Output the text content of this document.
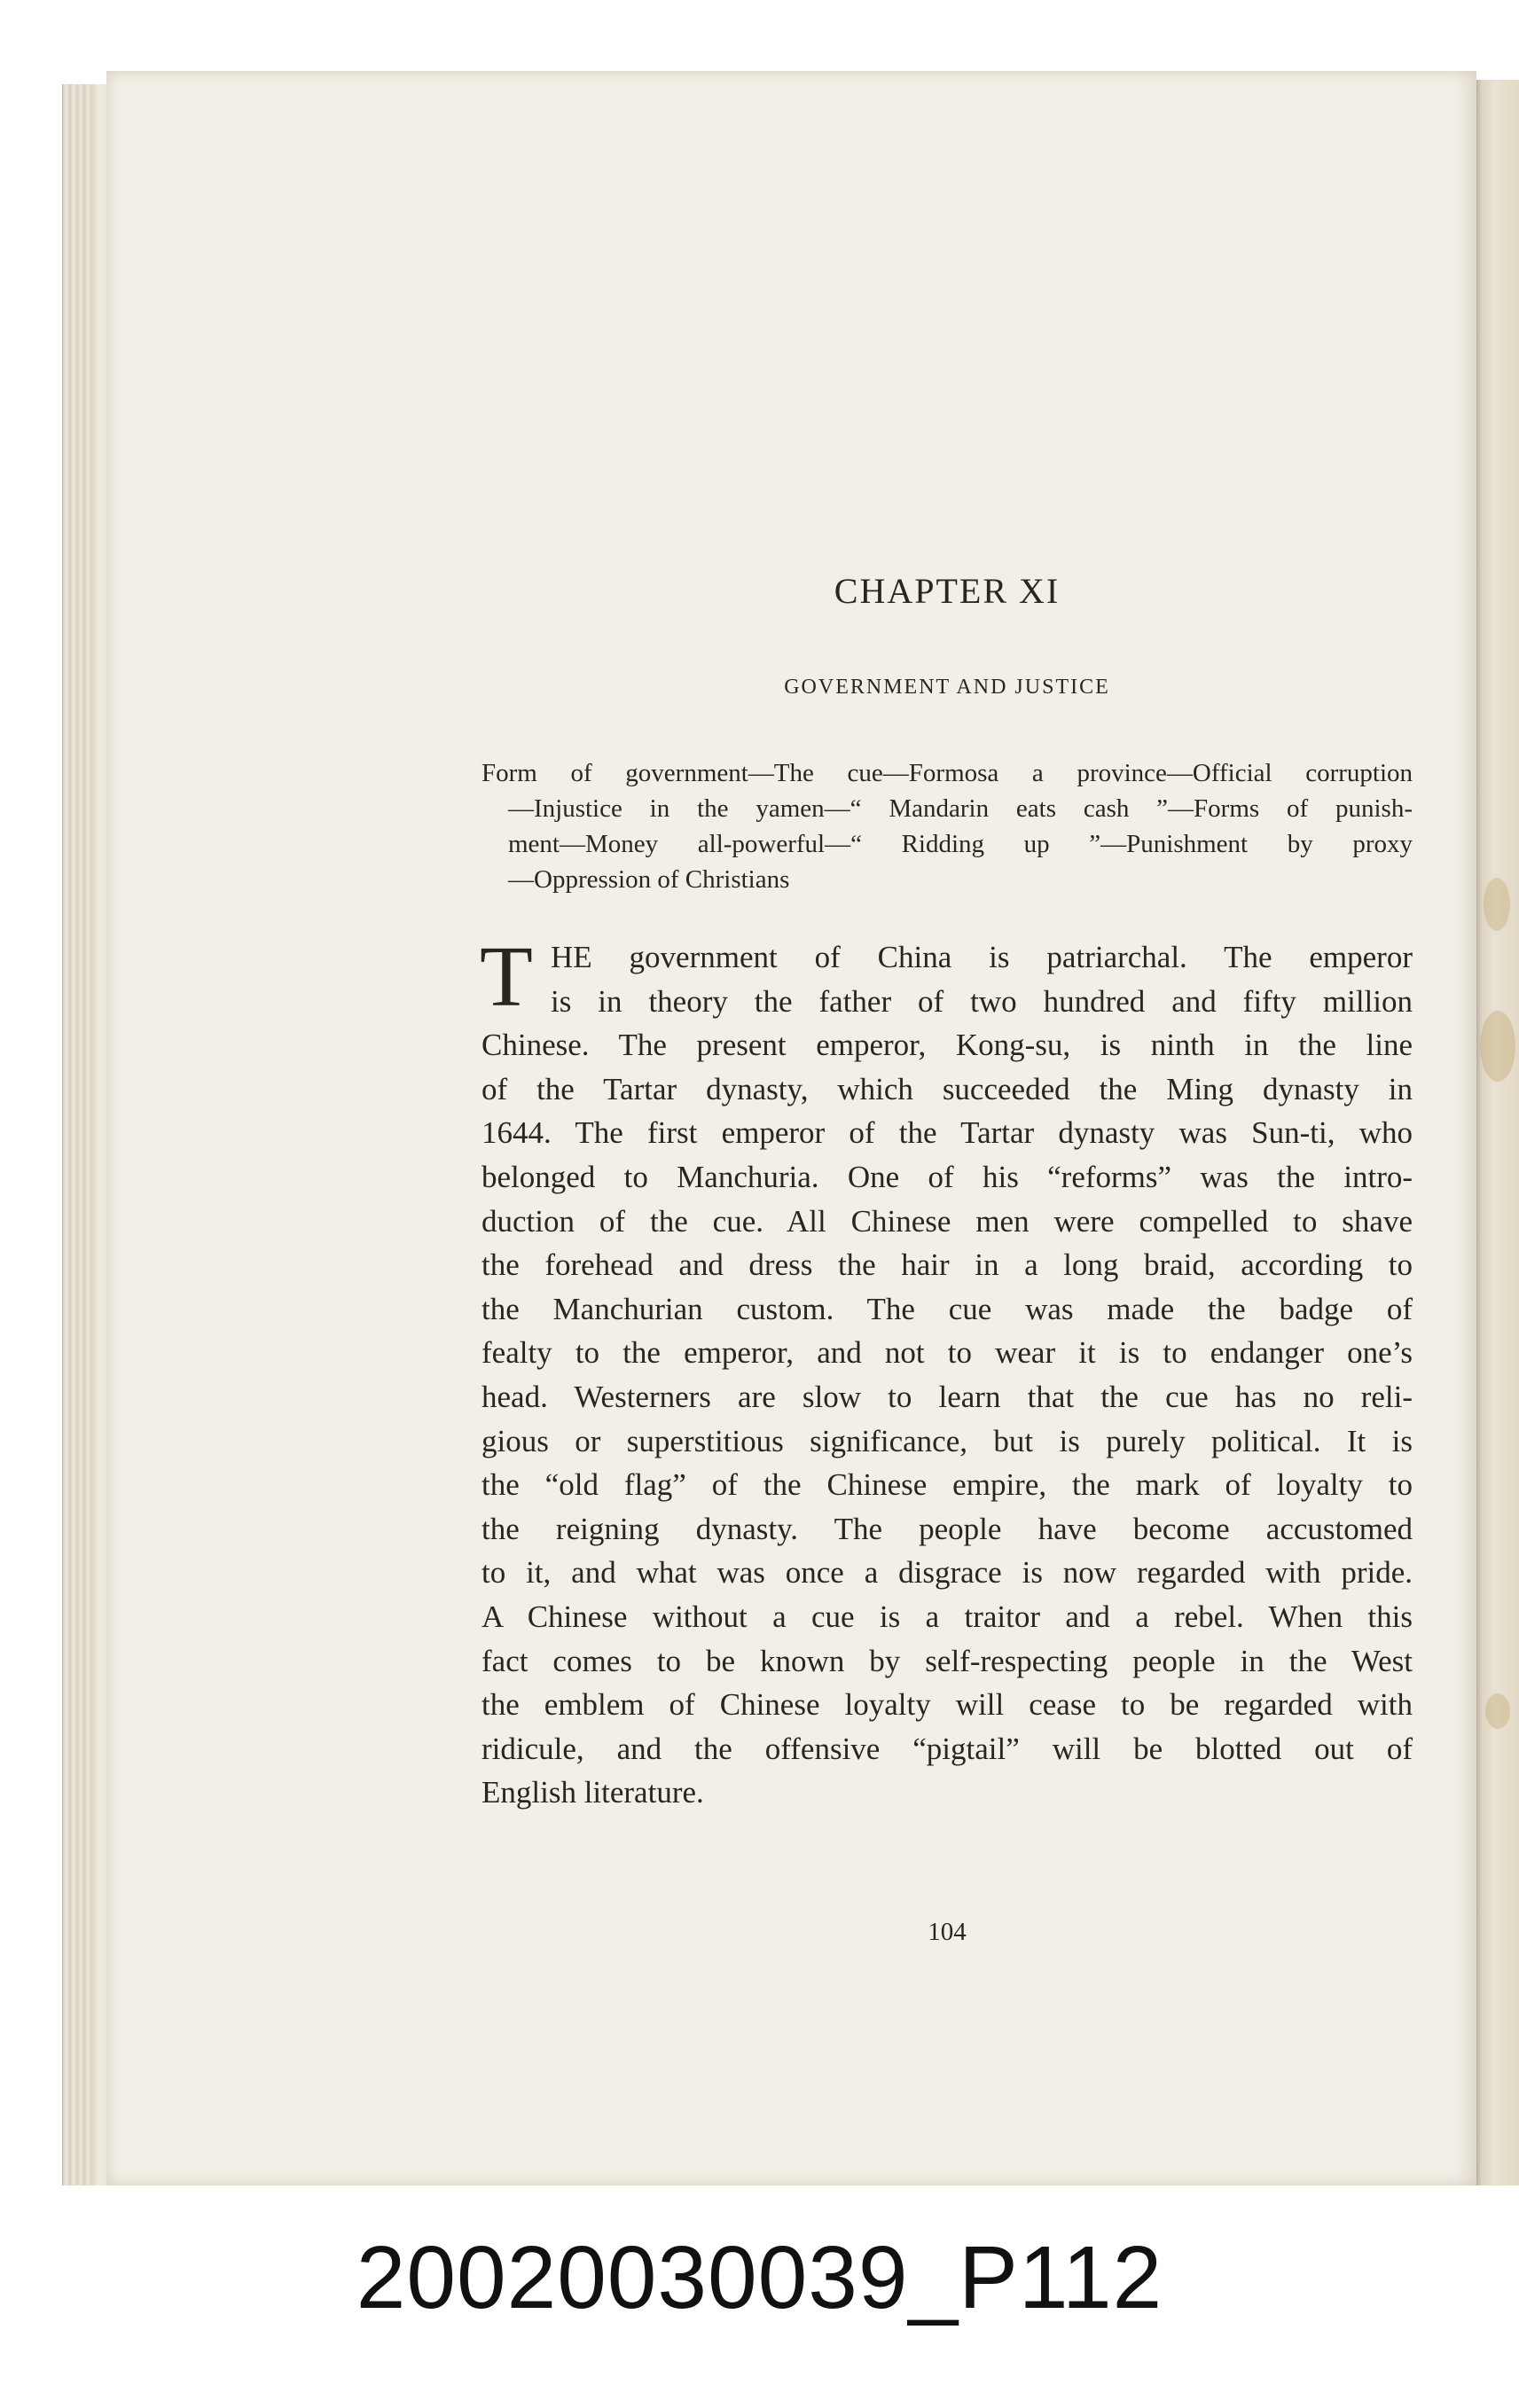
CHAPTER XI
GOVERNMENT AND JUSTICE
Form of government—The cue—Formosa a province—Official corruption
—Injustice in the yamen—“ Mandarin eats cash ”—Forms of punish-
ment—Money all-powerful—“ Ridding up ”—Punishment by proxy
—Oppression of Christians
T HE government of China is patriarchal. The emperor
is in theory the father of two hundred and fifty million
Chinese. The present emperor, Kong-su, is ninth in the line
of the Tartar dynasty, which succeeded the Ming dynasty in
1644. The first emperor of the Tartar dynasty was Sun-ti, who
belonged to Manchuria. One of his “reforms” was the intro-
duction of the cue. All Chinese men were compelled to shave
the forehead and dress the hair in a long braid, according to
the Manchurian custom. The cue was made the badge of
fealty to the emperor, and not to wear it is to endanger one’s
head. Westerners are slow to learn that the cue has no reli-
gious or superstitious significance, but is purely political. It is
the “old flag” of the Chinese empire, the mark of loyalty to
the reigning dynasty. The people have become accustomed
to it, and what was once a disgrace is now regarded with pride.
A Chinese without a cue is a traitor and a rebel. When this
fact comes to be known by self-respecting people in the West
the emblem of Chinese loyalty will cease to be regarded with
ridicule, and the offensive “pigtail” will be blotted out of
English literature.
104
20020030039_P112
